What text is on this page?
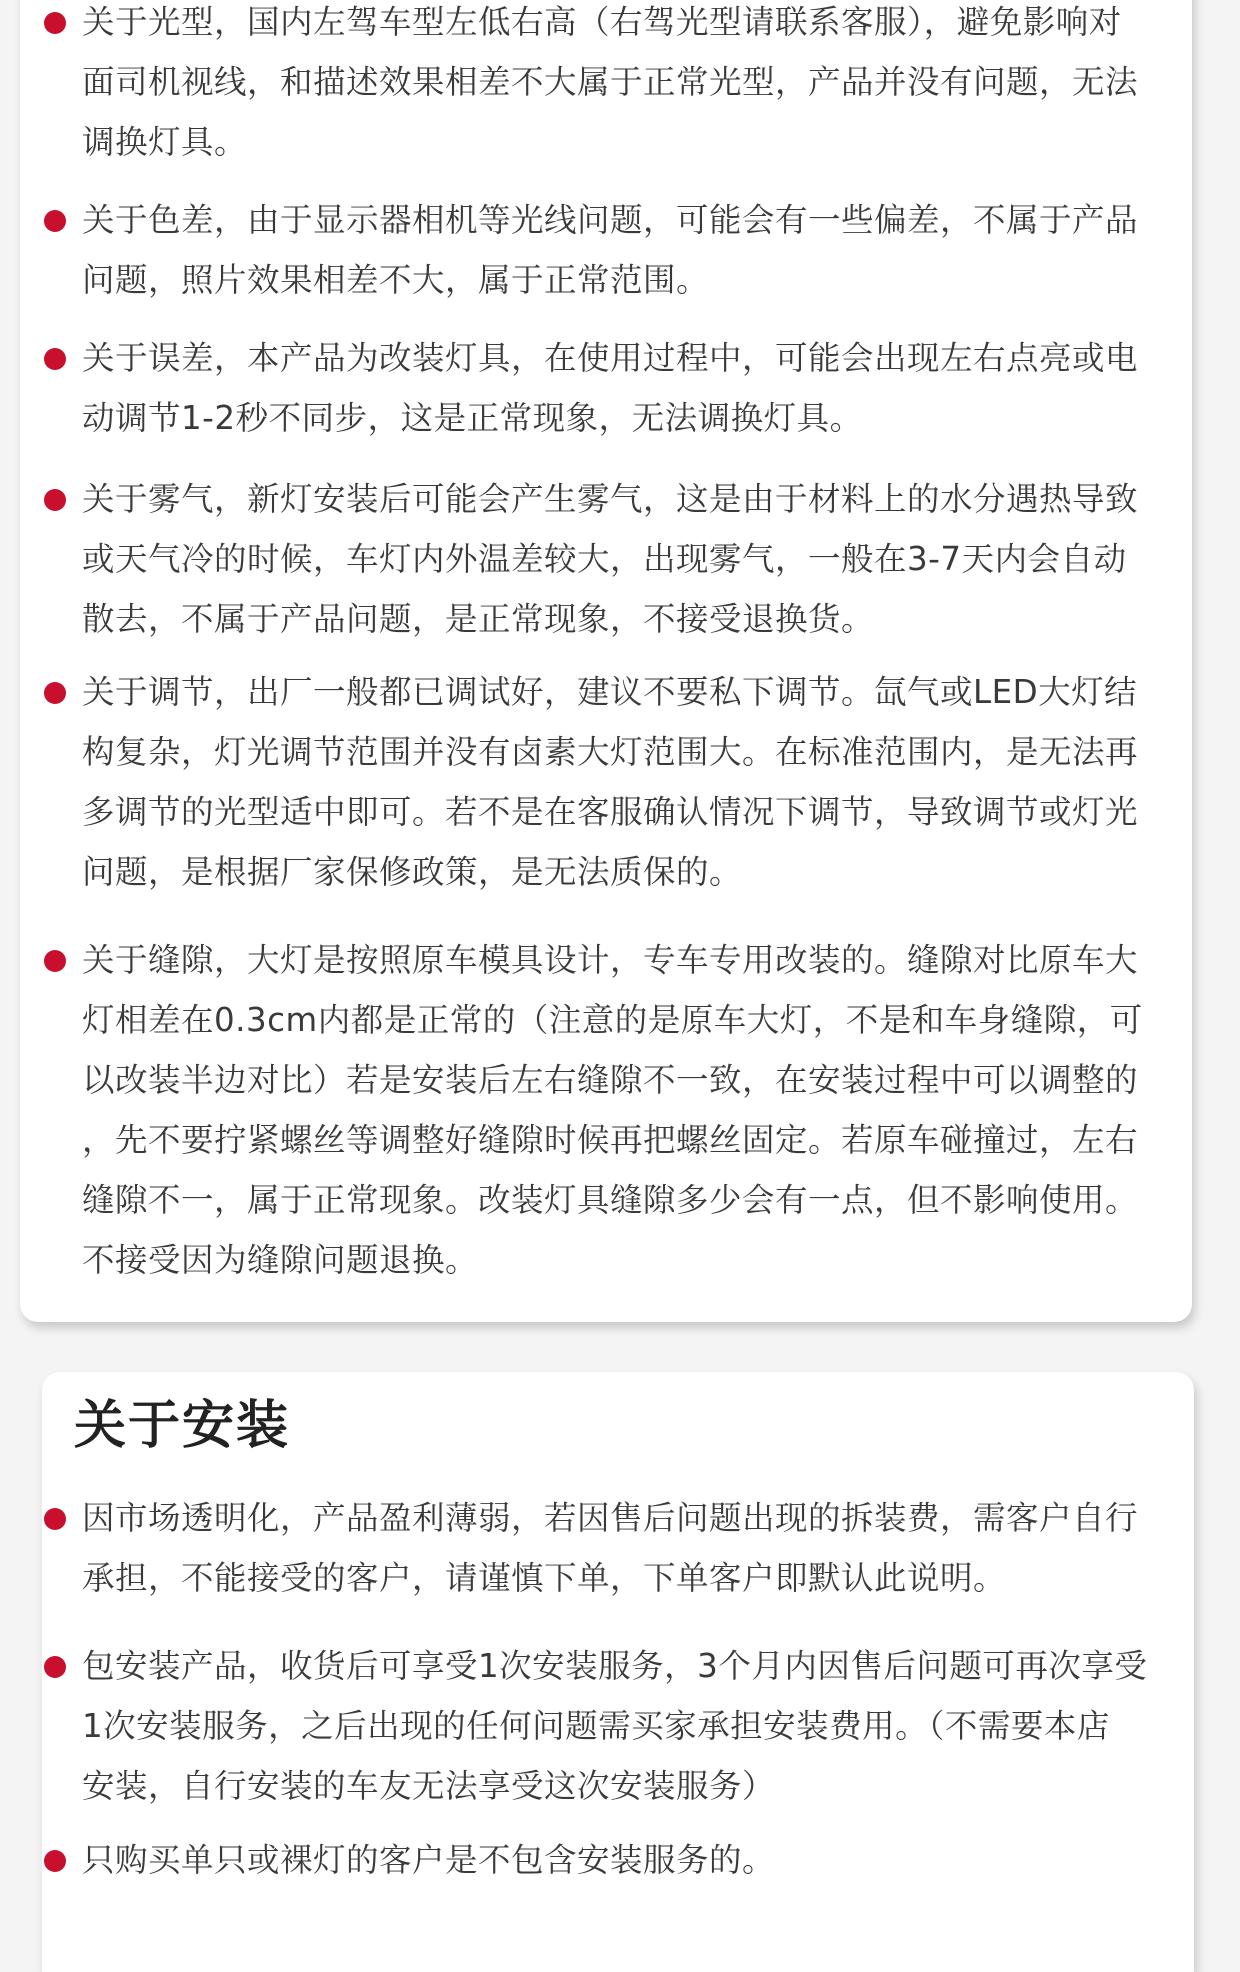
关于光型，国内左驾车型左低右高（右驾光型请联系客服），避免影响对
面司机视线，和描述效果相差不大属于正常光型，产品并没有问题，无法
调换灯具。
关于色差，由于显示器相机等光线问题，可能会有一些偏差，不属于产品
问题，照片效果相差不大，属于正常范围。
关于误差，本产品为改装灯具，在使用过程中，可能会出现左右点亮或电
动调节1-2秒不同步，这是正常现象，无法调换灯具。
关于雾气，新灯安装后可能会产生雾气，这是由于材料上的水分遇热导致
或天气冷的时候，车灯内外温差较大，出现雾气，一般在3-7天内会自动
散去，不属于产品问题，是正常现象，不接受退换货。
关于调节，出厂一般都已调试好，建议不要私下调节。氙气或LED大灯结
构复杂，灯光调节范围并没有卤素大灯范围大。在标准范围内，是无法再
多调节的光型适中即可。若不是在客服确认情况下调节，导致调节或灯光
问题，是根据厂家保修政策，是无法质保的。
关于缝隙，大灯是按照原车模具设计，专车专用改装的。缝隙对比原车大
灯相差在0.3cm内都是正常的（注意的是原车大灯，不是和车身缝隙，可
以改装半边对比）若是安装后左右缝隙不一致，在安装过程中可以调整的
，先不要拧紧螺丝等调整好缝隙时候再把螺丝固定。若原车碰撞过，左右
缝隙不一，属于正常现象。改装灯具缝隙多少会有一点，但不影响使用。
不接受因为缝隙问题退换。
关于安装
因市场透明化，产品盈利薄弱，若因售后问题出现的拆装费，需客户自行
承担，不能接受的客户，请谨慎下单，下单客户即默认此说明。
包安装产品，收货后可享受1次安装服务，3个月内因售后问题可再次享受
1次安装服务，之后出现的任何问题需买家承担安装费用。（不需要本店
安装，自行安装的车友无法享受这次安装服务）
只购买单只或裸灯的客户是不包含安装服务的。
